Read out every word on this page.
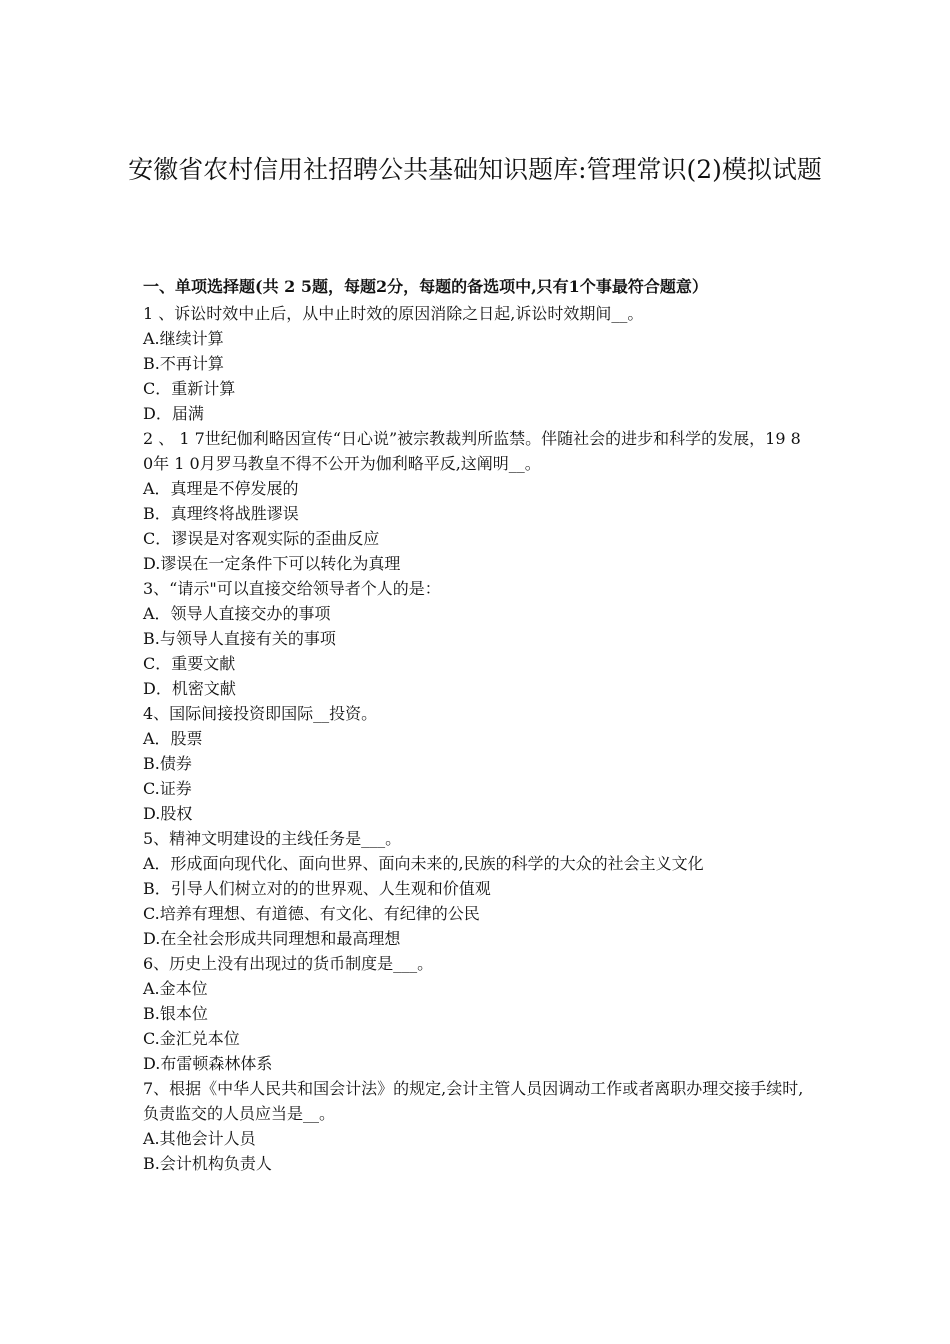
安徽省农村信用社招聘公共基础知识题库:管理常识(2)模拟试题

一、单项选择题(共 2 5题，每题2分，每题的备选项中,只有1个事最符合题意）

1 、诉讼时效中止后，从中止时效的原因消除之日起,诉讼时效期间__。

A.继续计算

B.不再计算

C．重新计算

D．届满

2 、 1 7世纪伽利略因宣传“日心说”被宗教裁判所监禁。伴随社会的进步和科学的发展，19 8 0年 1 0月罗马教皇不得不公开为伽利略平反,这阐明__。

A．真理是不停发展的

B．真理终将战胜谬误

C．谬误是对客观实际的歪曲反应

D.谬误在一定条件下可以转化为真理

3、“请示"可以直接交给领导者个人的是：

A．领导人直接交办的事项

B.与领导人直接有关的事项

C．重要文献

D．机密文献

4、国际间接投资即国际__投资。

A．股票

B.债券

C.证券

D.股权

5、精神文明建设的主线任务是___。

A．形成面向现代化、面向世界、面向未来的,民族的科学的大众的社会主义文化

B．引导人们树立对的的世界观、人生观和价值观

C.培养有理想、有道德、有文化、有纪律的公民

D.在全社会形成共同理想和最高理想

6、历史上没有出现过的货币制度是___。

A.金本位

B.银本位

C.金汇兑本位

D.布雷顿森林体系

7、根据《中华人民共和国会计法》的规定,会计主管人员因调动工作或者离职办理交接手续时,负责监交的人员应当是__。

A.其他会计人员

B.会计机构负责人
